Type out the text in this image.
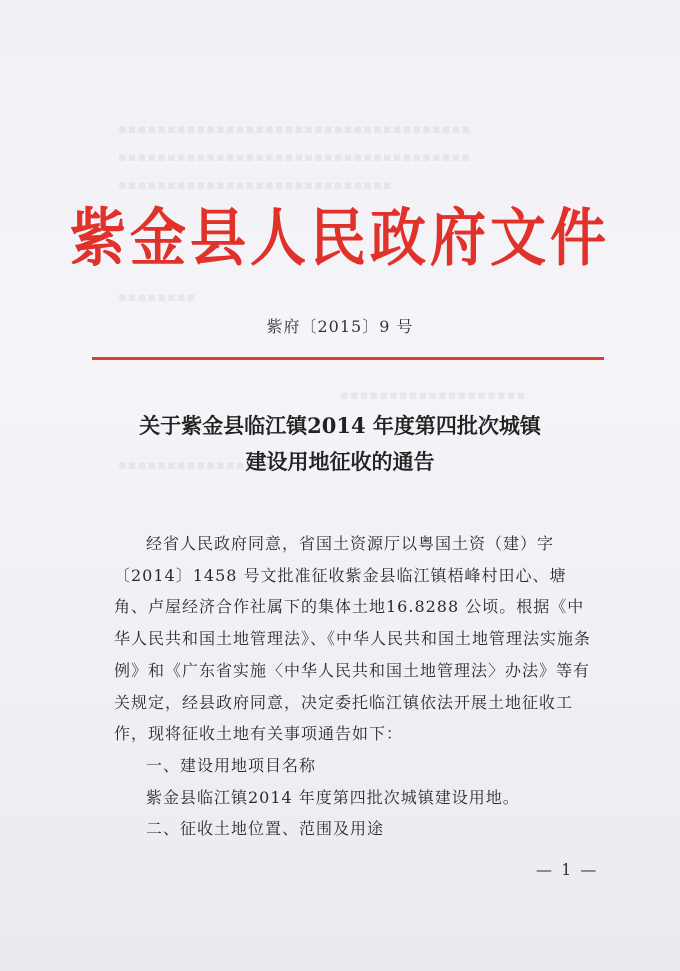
▪▪▪▪▪▪▪▪▪▪▪▪▪▪▪▪▪▪▪▪▪▪▪▪▪▪▪▪▪▪▪▪▪▪▪▪
▪▪▪▪▪▪▪▪▪▪▪▪▪▪▪▪▪▪▪▪▪▪▪▪▪▪▪▪▪▪▪▪▪▪▪▪
▪▪▪▪▪▪▪▪▪▪▪▪▪▪▪▪▪▪▪▪▪▪▪▪▪▪▪▪
▪▪▪▪▪▪▪▪
▪▪▪▪▪▪▪▪▪▪▪▪▪▪▪▪▪▪▪
▪▪▪▪▪▪▪▪▪▪▪▪▪▪▪▪
紫金县人民政府文件
紫府〔2015〕9 号
关于紫金县临江镇2014 年度第四批次城镇
建设用地征收的通告

经省人民政府同意，省国土资源厅以粤国土资（建）字〔2014〕1458 号文批准征收紫金县临江镇梧峰村田心、塘角、卢屋经济合作社属下的集体土地16.8288 公顷。根据《中华人民共和国土地管理法》、《中华人民共和国土地管理法实施条例》和《广东省实施〈中华人民共和国土地管理法〉办法》等有关规定，经县政府同意，决定委托临江镇依法开展土地征收工作，现将征收土地有关事项通告如下：

一、建设用地项目名称

紫金县临江镇2014 年度第四批次城镇建设用地。

二、征收土地位置、范围及用途

— 1 —
